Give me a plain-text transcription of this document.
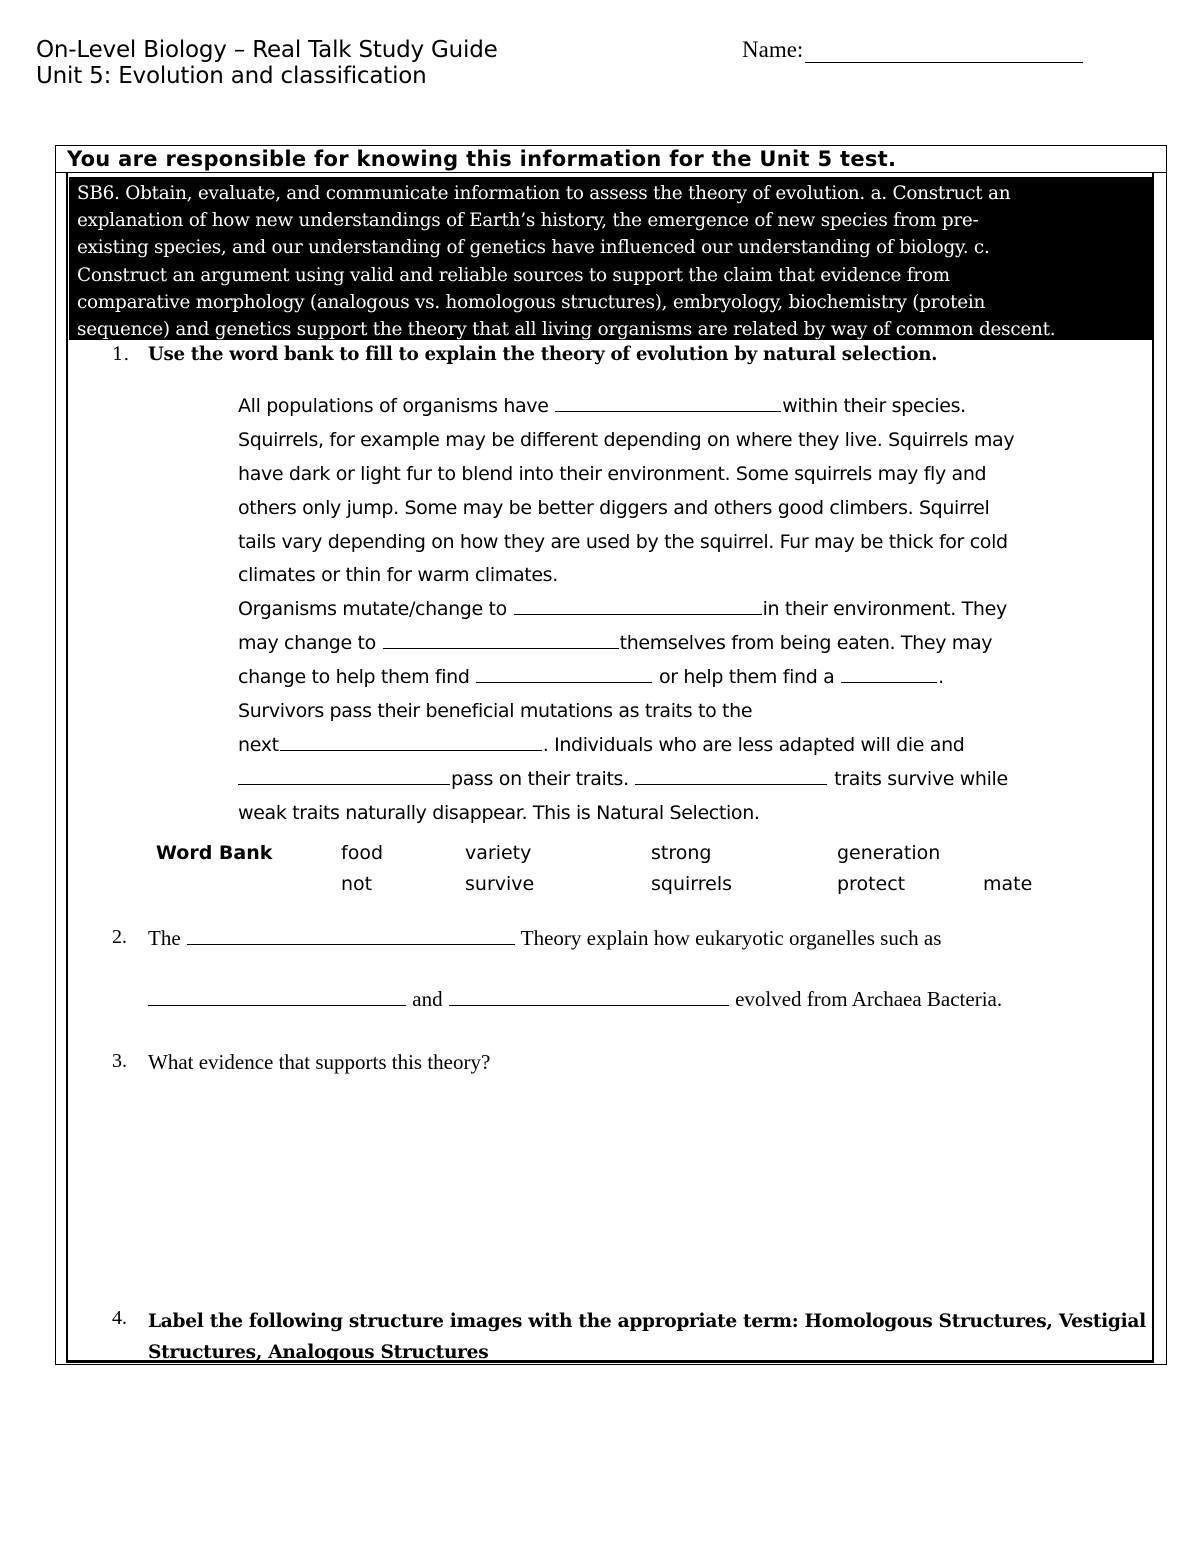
On-Level Biology – Real Talk Study Guide
Unit 5: Evolution and classification
Name:
You are responsible for knowing this information for the Unit 5 test.
SB6. Obtain, evaluate, and communicate information to assess the theory of evolution. a. Construct an
explanation of how new understandings of Earth’s history, the emergence of new species from pre-
existing species, and our understanding of genetics have influenced our understanding of biology. c.
Construct an argument using valid and reliable sources to support the claim that evidence from
comparative morphology (analogous vs. homologous structures), embryology, biochemistry (protein
sequence) and genetics support the theory that all living organisms are related by way of common descent.
1. Use the word bank to fill to explain the theory of evolution by natural selection.
All populations of organisms have	within their species.
Squirrels, for example may be different depending on where they live. Squirrels may
have dark or light fur to blend into their environment. Some squirrels may fly and
others only jump. Some may be better diggers and others good climbers. Squirrel
tails vary depending on how they are used by the squirrel. Fur may be thick for cold
climates or thin for warm climates.
Organisms mutate/change to	in their environment. They
may change to	themselves from being eaten. They may
change to help them find	or help them find a	.
Survivors pass their beneficial mutations as traits to the
next	. Individuals who are less adapted will die and
pass on their traits.	traits survive while
weak traits naturally disappear. This is Natural Selection.
Word Bank	food	variety	strong	generation
not	survive	squirrels	protect	mate
2. The	Theory explain how eukaryotic organelles such as
and	evolved from Archaea Bacteria.
3. What evidence that supports this theory?
4. Label the following structure images with the appropriate term: Homologous Structures, Vestigial
Structures, Analogous Structures
